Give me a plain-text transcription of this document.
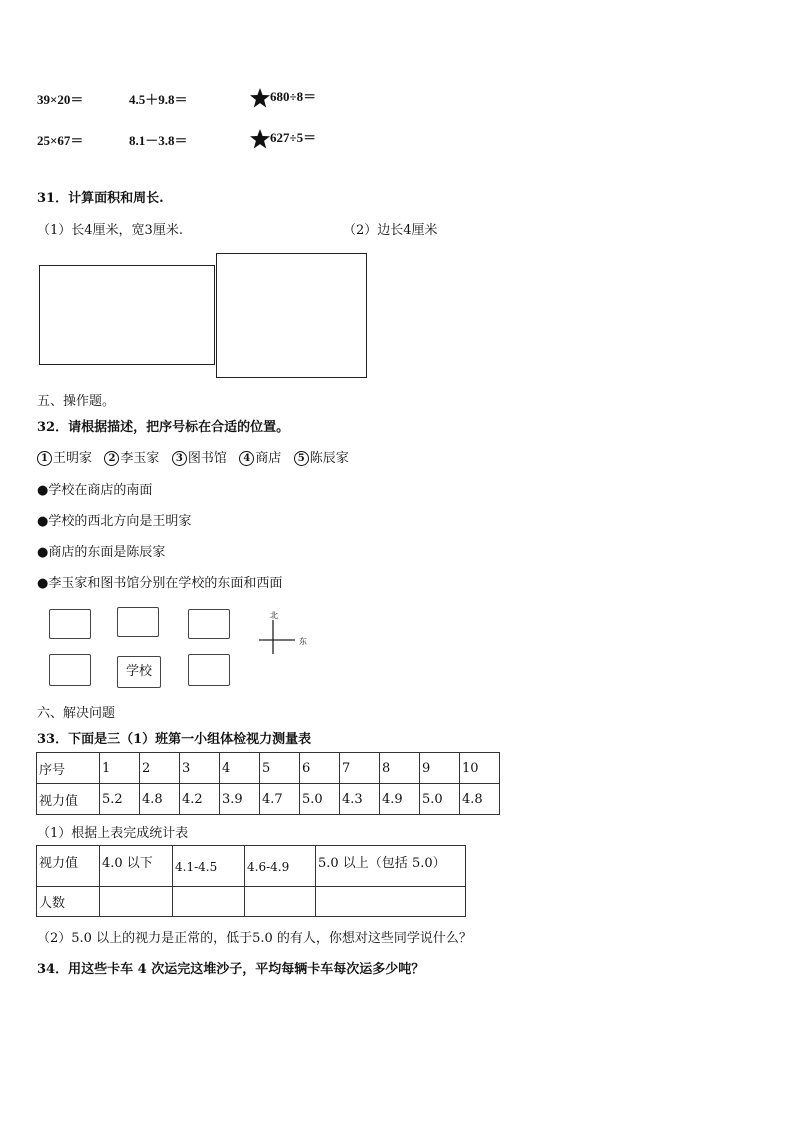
39×20＝	4.5＋9.8＝	680÷8＝
25×67＝	8.1－3.8＝	627÷5＝
31．计算面积和周长.
（1）长4厘米，宽3厘米.	（2）边长4厘米
五、操作题。
32．请根据描述，把序号标在合适的位置。
1 王明家 2 李玉家 3 图书馆 4 商店 5 陈辰家
●学校在商店的南面
●学校的西北方向是王明家
●商店的东面是陈辰家
●李玉家和图书馆分别在学校的东面和西面
学校
北
东
六、解决问题
33．下面是三（1）班第一小组体检视力测量表
序号	1	2	3	4	5	6	7	8	9	10
视力值	5.2	4.8	4.2	3.9	4.7	5.0	4.3	4.9	5.0	4.8
（1）根据上表完成统计表
视力值	4.0 以下	4.1-4.5	4.6-4.9	5.0 以上（包括 5.0）
人数				
（2）5.0 以上的视力是正常的，低于5.0 的有人，你想对这些同学说什么？
34．用这些卡车 4 次运完这堆沙子，平均每辆卡车每次运多少吨？
